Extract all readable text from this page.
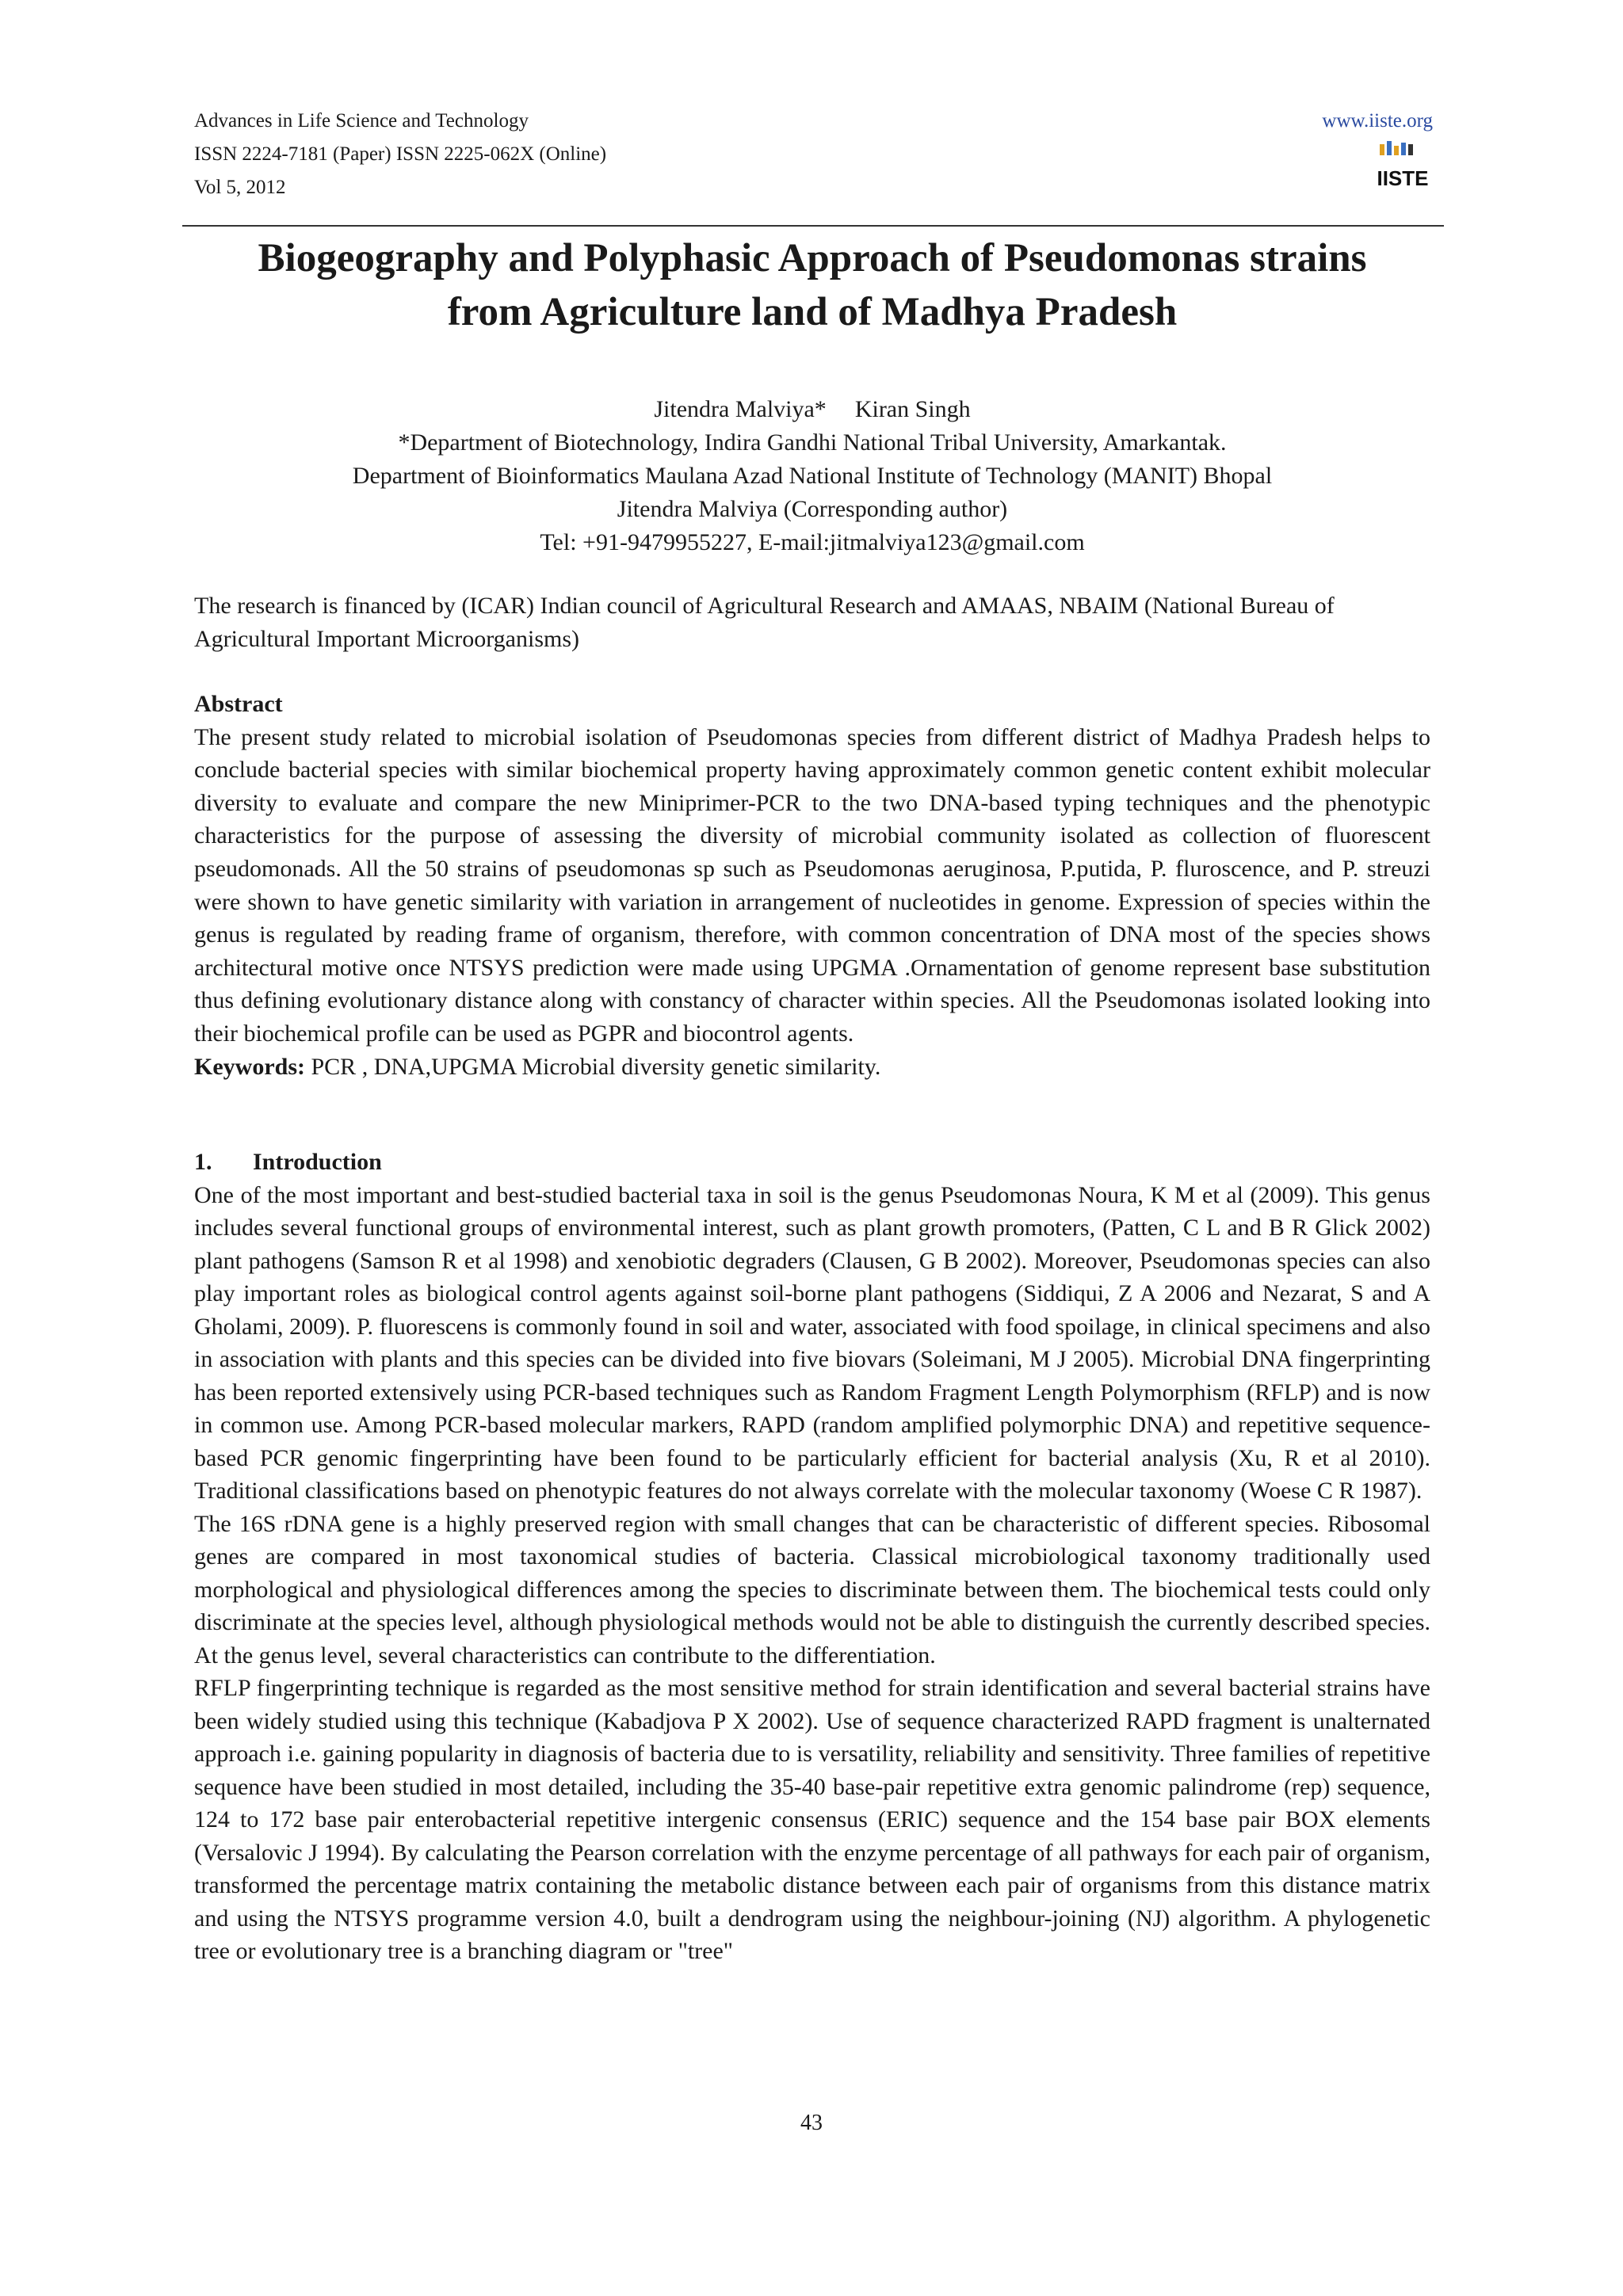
Advances in Life Science and Technology
ISSN 2224-7181 (Paper) ISSN 2225-062X (Online)
Vol 5, 2012
www.iiste.org
IISTE
Biogeography and Polyphasic Approach of Pseudomonas strains
from Agriculture land of Madhya Pradesh
Jitendra Malviya* Kiran Singh
*Department of Biotechnology, Indira Gandhi National Tribal University, Amarkantak.
Department of Bioinformatics Maulana Azad National Institute of Technology (MANIT) Bhopal
Jitendra Malviya (Corresponding author)
Tel: +91-9479955227, E-mail:jitmalviya123@gmail.com
The research is financed by (ICAR) Indian council of Agricultural Research and AMAAS, NBAIM (National Bureau of Agricultural Important Microorganisms)
Abstract

The present study related to microbial isolation of Pseudomonas species from different district of Madhya Pradesh helps to conclude bacterial species with similar biochemical property having approximately common genetic content exhibit molecular diversity to evaluate and compare the new Miniprimer-PCR to the two DNA-based typing techniques and the phenotypic characteristics for the purpose of assessing the diversity of microbial community isolated as collection of fluorescent pseudomonads. All the 50 strains of pseudomonas sp such as Pseudomonas aeruginosa, P.putida, P. fluroscence, and P. streuzi were shown to have genetic similarity with variation in arrangement of nucleotides in genome. Expression of species within the genus is regulated by reading frame of organism, therefore, with common concentration of DNA most of the species shows architectural motive once NTSYS prediction were made using UPGMA .Ornamentation of genome represent base substitution thus defining evolutionary distance along with constancy of character within species. All the Pseudomonas isolated looking into their biochemical profile can be used as PGPR and biocontrol agents.

Keywords: PCR , DNA,UPGMA Microbial diversity genetic similarity.
1. Introduction

One of the most important and best-studied bacterial taxa in soil is the genus Pseudomonas Noura, K M et al (2009). This genus includes several functional groups of environmental interest, such as plant growth promoters, (Patten, C L and B R Glick 2002) plant pathogens (Samson R et al 1998) and xenobiotic degraders (Clausen, G B 2002). Moreover, Pseudomonas species can also play important roles as biological control agents against soil-borne plant pathogens (Siddiqui, Z A 2006 and Nezarat, S and A Gholami, 2009). P. fluorescens is commonly found in soil and water, associated with food spoilage, in clinical specimens and also in association with plants and this species can be divided into five biovars (Soleimani, M J 2005). Microbial DNA fingerprinting has been reported extensively using PCR-based techniques such as Random Fragment Length Polymorphism (RFLP) and is now in common use. Among PCR-based molecular markers, RAPD (random amplified polymorphic DNA) and repetitive sequence-based PCR genomic fingerprinting have been found to be particularly efficient for bacterial analysis (Xu, R et al 2010). Traditional classifications based on phenotypic features do not always correlate with the molecular taxonomy (Woese C R 1987).

The 16S rDNA gene is a highly preserved region with small changes that can be characteristic of different species. Ribosomal genes are compared in most taxonomical studies of bacteria. Classical microbiological taxonomy traditionally used morphological and physiological differences among the species to discriminate between them. The biochemical tests could only discriminate at the species level, although physiological methods would not be able to distinguish the currently described species. At the genus level, several characteristics can contribute to the differentiation.

RFLP fingerprinting technique is regarded as the most sensitive method for strain identification and several bacterial strains have been widely studied using this technique (Kabadjova P X 2002). Use of sequence characterized RAPD fragment is unalternated approach i.e. gaining popularity in diagnosis of bacteria due to is versatility, reliability and sensitivity. Three families of repetitive sequence have been studied in most detailed, including the 35-40 base-pair repetitive extra genomic palindrome (rep) sequence, 124 to 172 base pair enterobacterial repetitive intergenic consensus (ERIC) sequence and the 154 base pair BOX elements (Versalovic J 1994). By calculating the Pearson correlation with the enzyme percentage of all pathways for each pair of organism, transformed the percentage matrix containing the metabolic distance between each pair of organisms from this distance matrix and using the NTSYS programme version 4.0, built a dendrogram using the neighbour-joining (NJ) algorithm. A phylogenetic tree or evolutionary tree is a branching diagram or "tree"

43
